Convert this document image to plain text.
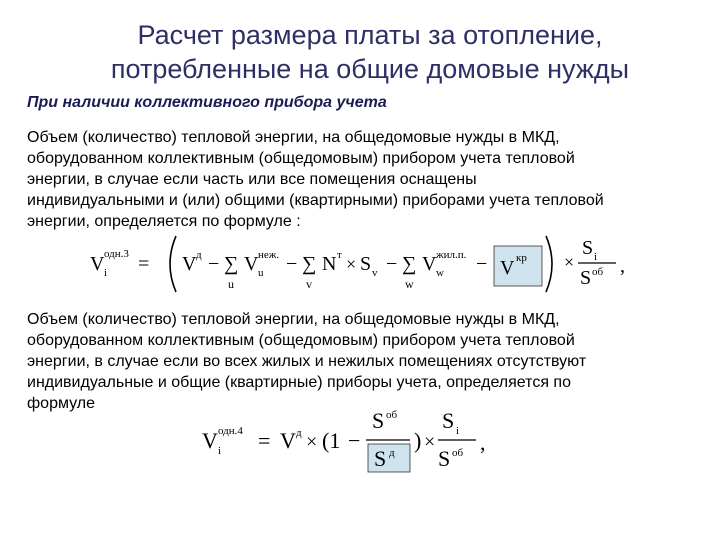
Расчет размера платы за отопление,
потребленные на общие домовые нужды
При наличии коллективного прибора учета
Объем (количество) тепловой энергии, на общедомовые нужды в МКД,
оборудованном коллективным (общедомовым) прибором учета тепловой
энергии, в случае если часть или все помещения оснащены
индивидуальными и (или) общими (квартирными) приборами учета тепловой
энергии, определяется по формуле :
V одн.3
i = V д − ∑
u
V неж.
u − ∑
v
N т × S v − ∑
w
V жил.п.
w − V кр ×
S i
S об ,
Объем (количество) тепловой энергии, на общедомовые нужды в МКД,
оборудованном коллективным (общедомовым) прибором учета тепловой
энергии, в случае если во всех жилых и нежилых помещениях отсутствуют
индивидуальные и общие (квартирные) приборы учета, определяется по
формуле
V одн.4
i = V д × (1 −
S об
S д ) ×
S i
S об ,
